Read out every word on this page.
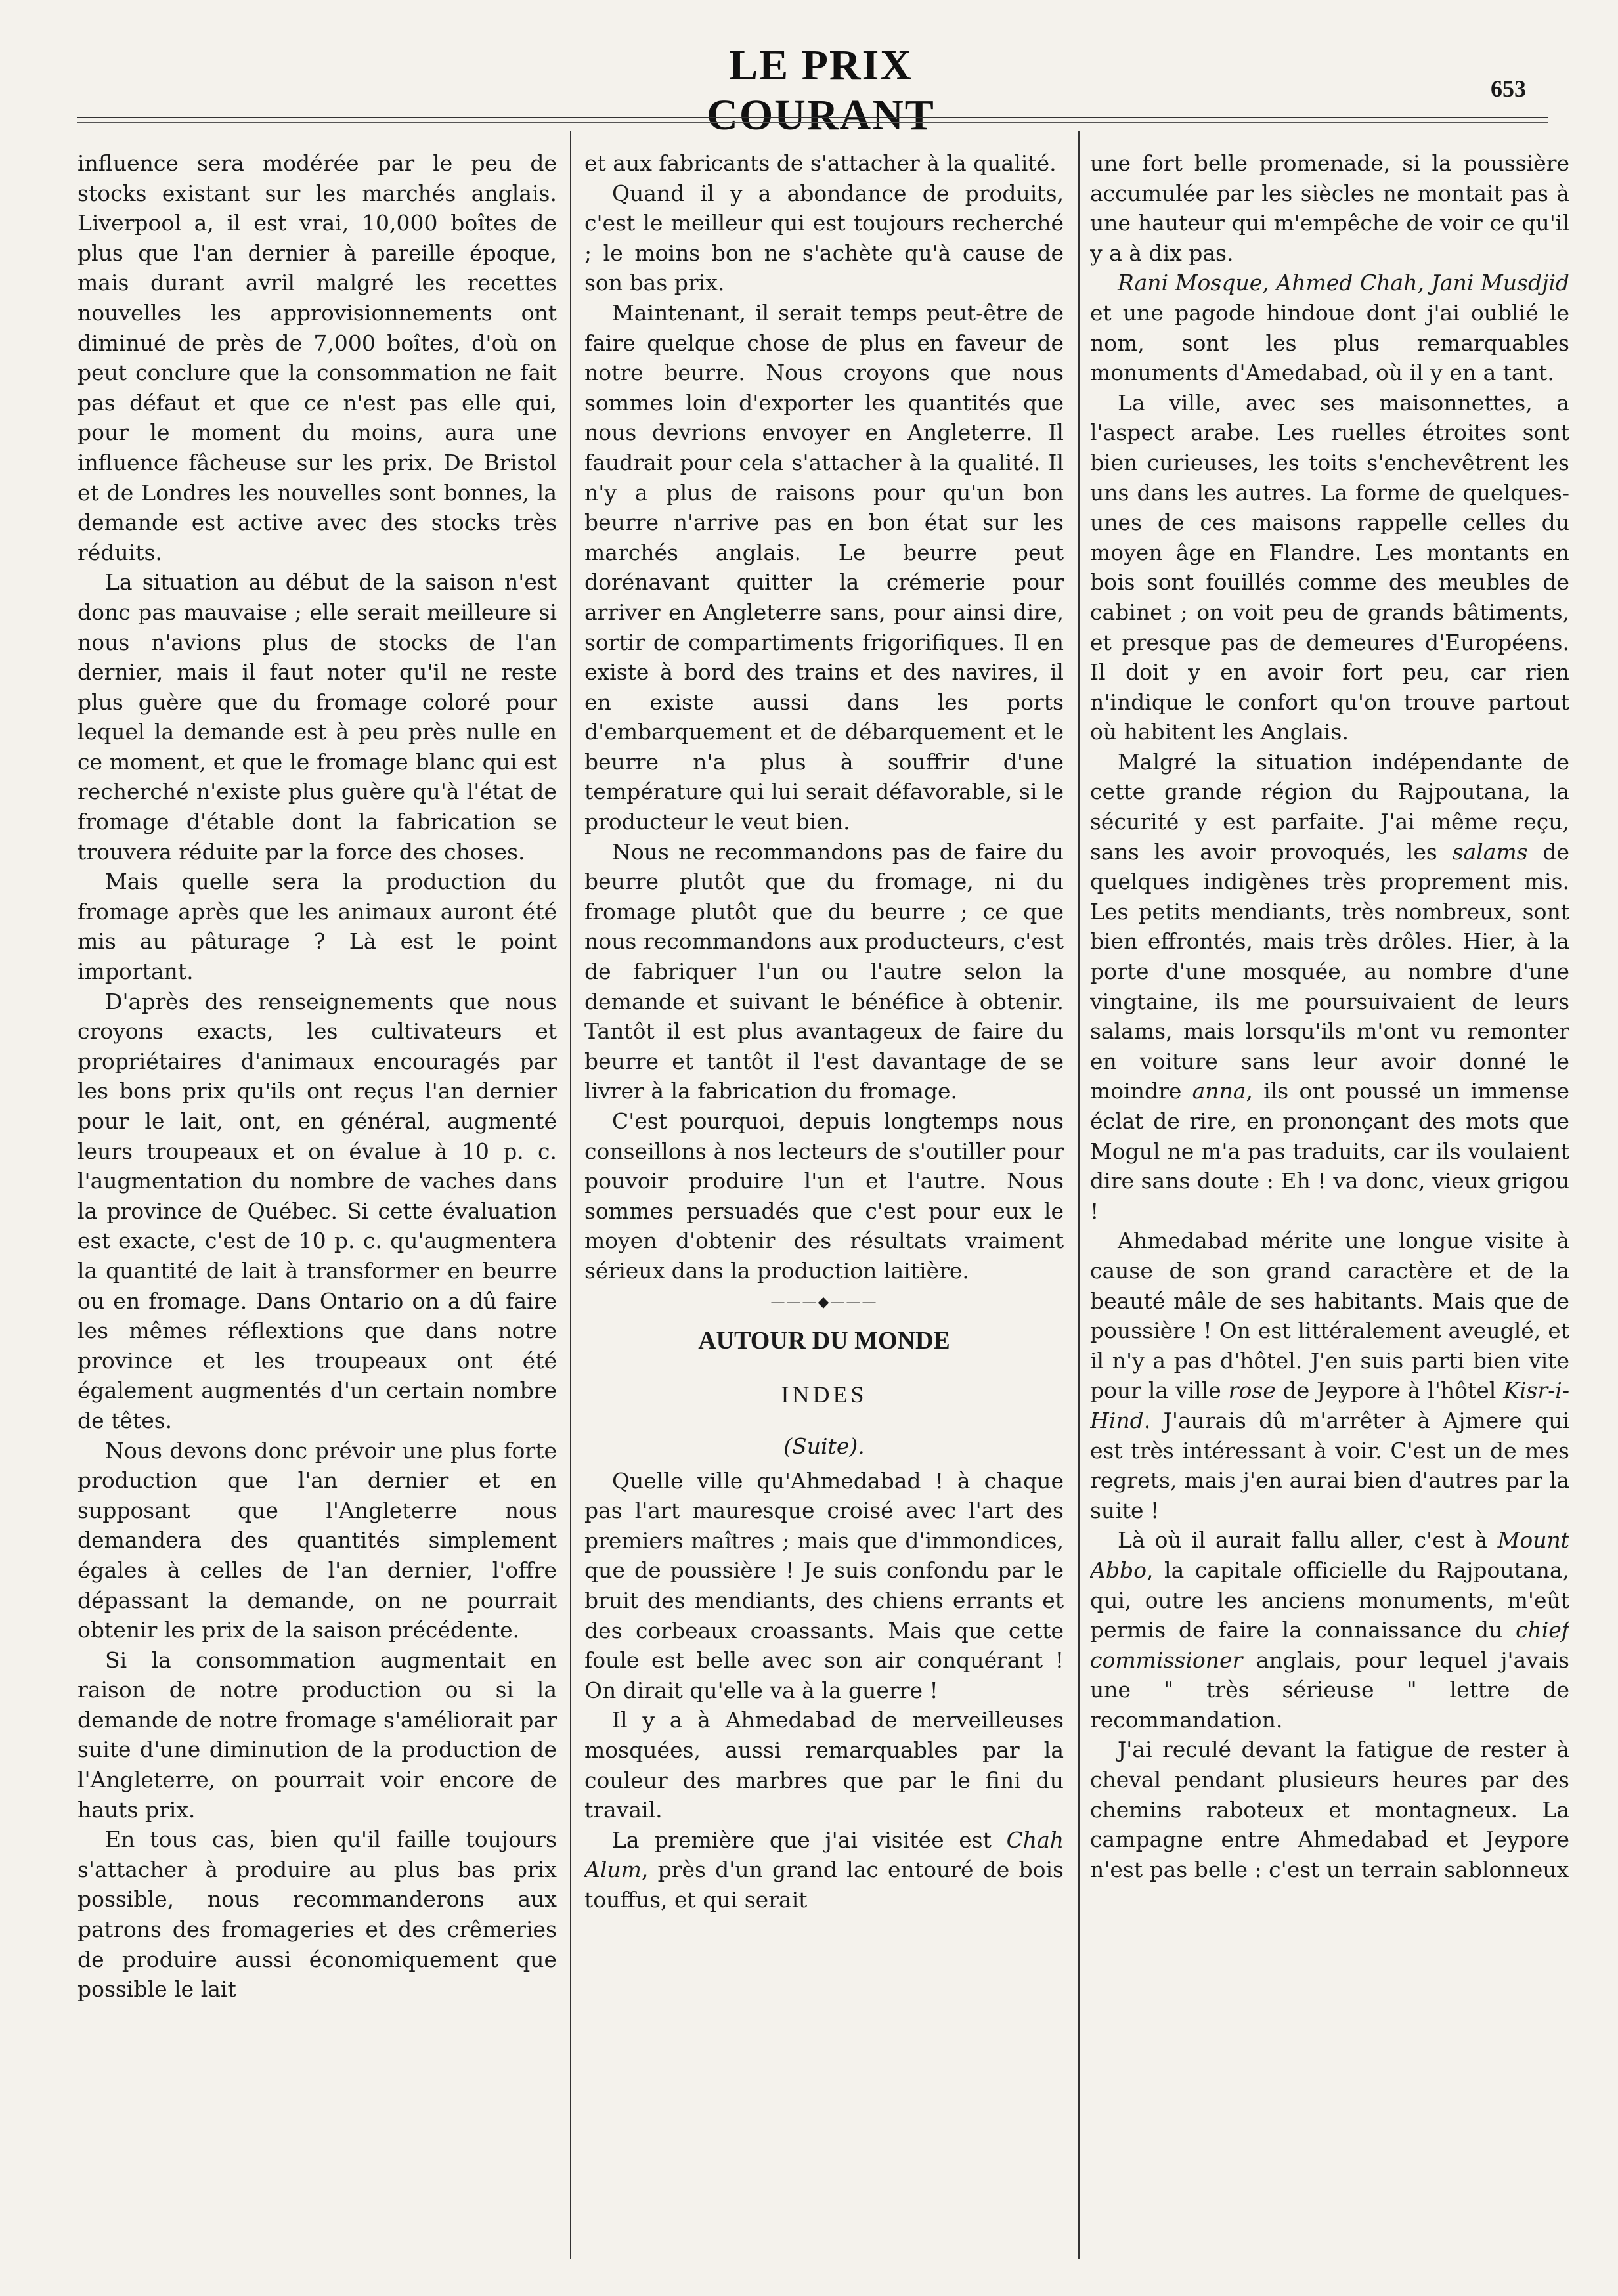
LE PRIX COURANT
653

influence sera modérée par le peu de stocks existant sur les marchés anglais. Liverpool a, il est vrai, 10,000 boîtes de plus que l'an dernier à pareille époque, mais durant avril malgré les recettes nouvelles les approvisionnements ont diminué de près de 7,000 boîtes, d'où on peut conclure que la consommation ne fait pas défaut et que ce n'est pas elle qui, pour le moment du moins, aura une influence fâcheuse sur les prix. De Bristol et de Londres les nouvelles sont bonnes, la demande est active avec des stocks très réduits.

La situation au début de la saison n'est donc pas mauvaise ; elle serait meilleure si nous n'avions plus de stocks de l'an dernier, mais il faut noter qu'il ne reste plus guère que du fromage coloré pour lequel la demande est à peu près nulle en ce moment, et que le fromage blanc qui est recherché n'existe plus guère qu'à l'état de fromage d'étable dont la fabrication se trouvera réduite par la force des choses.

Mais quelle sera la production du fromage après que les animaux auront été mis au pâturage ? Là est le point important.

D'après des renseignements que nous croyons exacts, les cultivateurs et propriétaires d'animaux encouragés par les bons prix qu'ils ont reçus l'an dernier pour le lait, ont, en général, augmenté leurs troupeaux et on évalue à 10 p. c. l'augmentation du nombre de vaches dans la province de Québec. Si cette évaluation est exacte, c'est de 10 p. c. qu'augmentera la quantité de lait à transformer en beurre ou en fromage. Dans Ontario on a dû faire les mêmes réflextions que dans notre province et les troupeaux ont été également augmentés d'un certain nombre de têtes.

Nous devons donc prévoir une plus forte production que l'an dernier et en supposant que l'Angleterre nous demandera des quantités simplement égales à celles de l'an dernier, l'offre dépassant la demande, on ne pourrait obtenir les prix de la saison précédente.

Si la consommation augmentait en raison de notre production ou si la demande de notre fromage s'améliorait par suite d'une diminution de la production de l'Angleterre, on pourrait voir encore de hauts prix.

En tous cas, bien qu'il faille toujours s'attacher à produire au plus bas prix possible, nous recommanderons aux patrons des fromageries et des crêmeries de produire aussi économiquement que possible le lait

et aux fabricants de s'attacher à la qualité.

Quand il y a abondance de produits, c'est le meilleur qui est toujours recherché ; le moins bon ne s'achète qu'à cause de son bas prix.

Maintenant, il serait temps peut-être de faire quelque chose de plus en faveur de notre beurre. Nous croyons que nous sommes loin d'exporter les quantités que nous devrions envoyer en Angleterre. Il faudrait pour cela s'attacher à la qualité. Il n'y a plus de raisons pour qu'un bon beurre n'arrive pas en bon état sur les marchés anglais. Le beurre peut dorénavant quitter la crémerie pour arriver en Angleterre sans, pour ainsi dire, sortir de compartiments frigorifiques. Il en existe à bord des trains et des navires, il en existe aussi dans les ports d'embarquement et de débarquement et le beurre n'a plus à souffrir d'une température qui lui serait défavorable, si le producteur le veut bien.

Nous ne recommandons pas de faire du beurre plutôt que du fromage, ni du fromage plutôt que du beurre ; ce que nous recommandons aux producteurs, c'est de fabriquer l'un ou l'autre selon la demande et suivant le bénéfice à obtenir. Tantôt il est plus avantageux de faire du beurre et tantôt il l'est davantage de se livrer à la fabrication du fromage.

C'est pourquoi, depuis longtemps nous conseillons à nos lecteurs de s'outiller pour pouvoir produire l'un et l'autre. Nous sommes persuadés que c'est pour eux le moyen d'obtenir des résultats vraiment sérieux dans la production laitière.

———◆———
AUTOUR DU MONDE
INDES
(Suite).

Quelle ville qu'Ahmedabad ! à chaque pas l'art mauresque croisé avec l'art des premiers maîtres ; mais que d'immondices, que de poussière ! Je suis confondu par le bruit des mendiants, des chiens errants et des corbeaux croassants. Mais que cette foule est belle avec son air conquérant ! On dirait qu'elle va à la guerre !

Il y a à Ahmedabad de merveilleuses mosquées, aussi remarquables par la couleur des marbres que par le fini du travail.

La première que j'ai visitée est Chah Alum, près d'un grand lac entouré de bois touffus, et qui serait

une fort belle promenade, si la poussière accumulée par les siècles ne montait pas à une hauteur qui m'empêche de voir ce qu'il y a à dix pas.

Rani Mosque, Ahmed Chah, Jani Musdjid et une pagode hindoue dont j'ai oublié le nom, sont les plus remarquables monuments d'Amedabad, où il y en a tant.

La ville, avec ses maisonnettes, a l'aspect arabe. Les ruelles étroites sont bien curieuses, les toits s'enchevêtrent les uns dans les autres. La forme de quelques-unes de ces maisons rappelle celles du moyen âge en Flandre. Les montants en bois sont fouillés comme des meubles de cabinet ; on voit peu de grands bâtiments, et presque pas de demeures d'Européens. Il doit y en avoir fort peu, car rien n'indique le confort qu'on trouve partout où habitent les Anglais.

Malgré la situation indépendante de cette grande région du Rajpoutana, la sécurité y est parfaite. J'ai même reçu, sans les avoir provoqués, les salams de quelques indigènes très proprement mis. Les petits mendiants, très nombreux, sont bien effrontés, mais très drôles. Hier, à la porte d'une mosquée, au nombre d'une vingtaine, ils me poursuivaient de leurs salams, mais lorsqu'ils m'ont vu remonter en voiture sans leur avoir donné le moindre anna, ils ont poussé un immense éclat de rire, en prononçant des mots que Mogul ne m'a pas traduits, car ils voulaient dire sans doute : Eh ! va donc, vieux grigou !

Ahmedabad mérite une longue visite à cause de son grand caractère et de la beauté mâle de ses habitants. Mais que de poussière ! On est littéralement aveuglé, et il n'y a pas d'hôtel. J'en suis parti bien vite pour la ville rose de Jeypore à l'hôtel Kisr-i-Hind. J'aurais dû m'arrêter à Ajmere qui est très intéressant à voir. C'est un de mes regrets, mais j'en aurai bien d'autres par la suite !

Là où il aurait fallu aller, c'est à Mount Abbo, la capitale officielle du Rajpoutana, qui, outre les anciens monuments, m'eût permis de faire la connaissance du chief commissioner anglais, pour lequel j'avais une " très sérieuse " lettre de recommandation.

J'ai reculé devant la fatigue de rester à cheval pendant plusieurs heures par des chemins raboteux et montagneux. La campagne entre Ahmedabad et Jeypore n'est pas belle : c'est un terrain sablonneux
